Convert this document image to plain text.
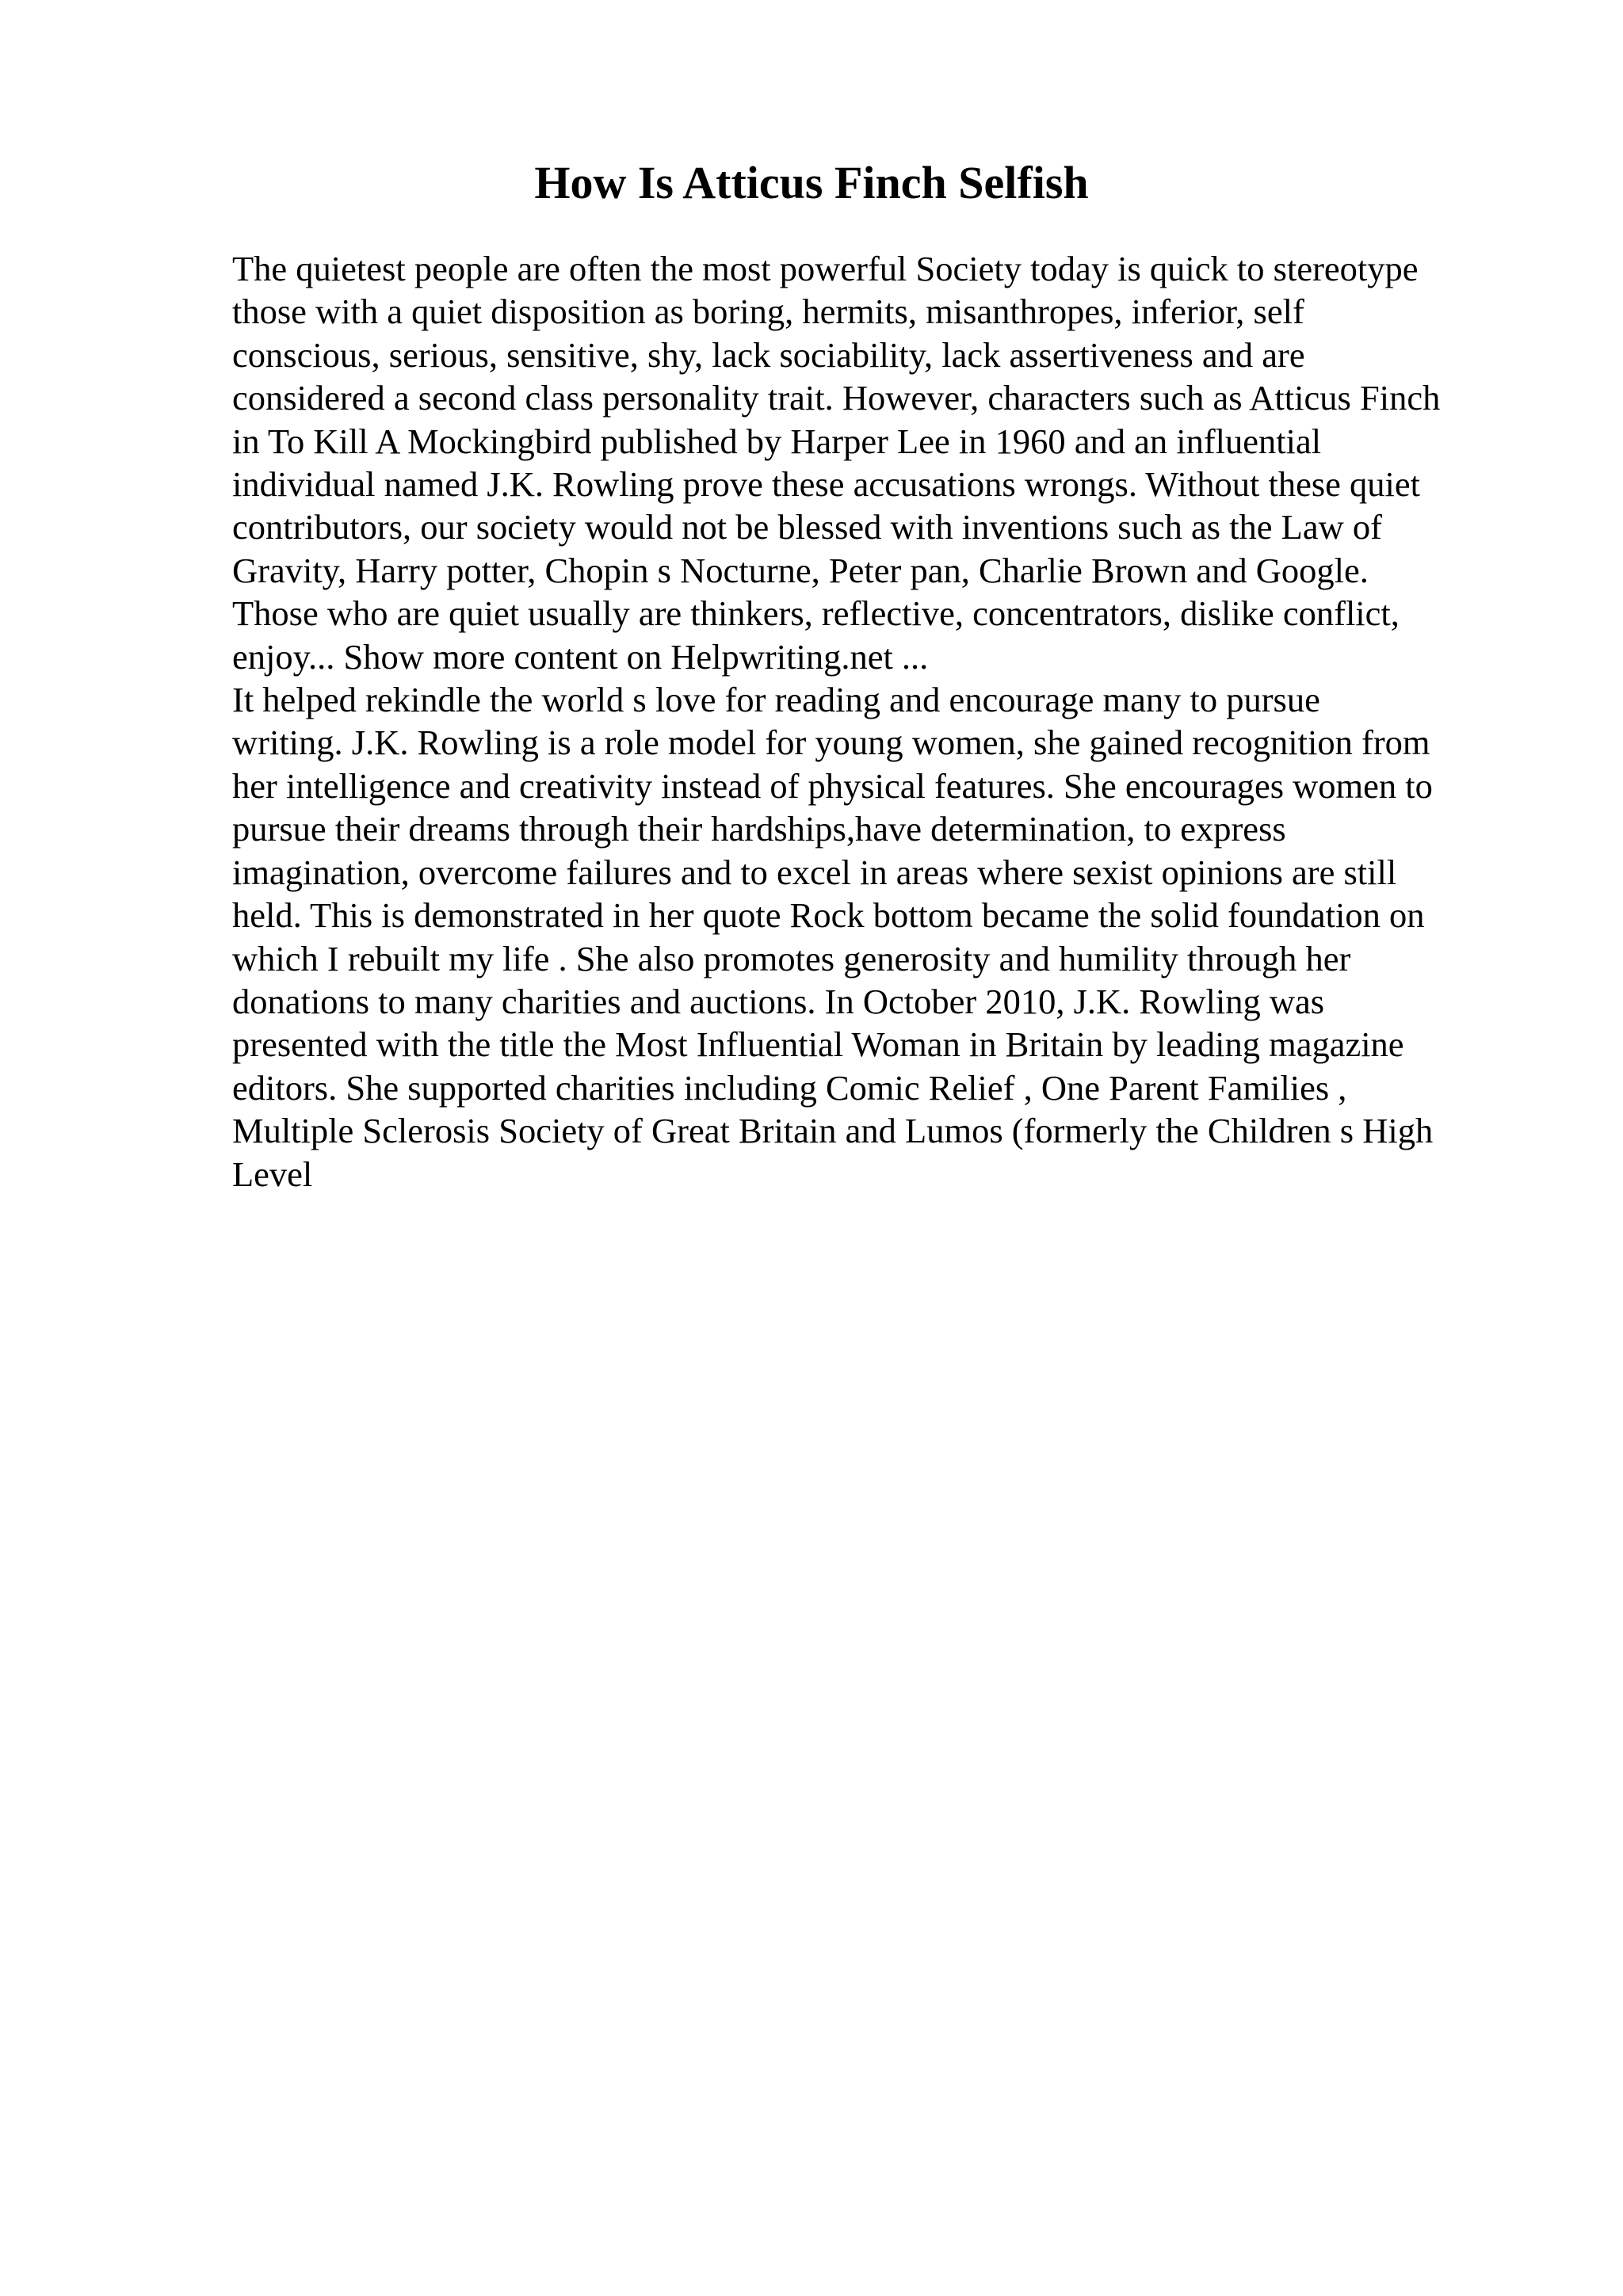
How Is Atticus Finch Selfish
The quietest people are often the most powerful Society today is quick to stereotype
those with a quiet disposition as boring, hermits, misanthropes, inferior, self
conscious, serious, sensitive, shy, lack sociability, lack assertiveness and are
considered a second class personality trait. However, characters such as Atticus Finch
in To Kill A Mockingbird published by Harper Lee in 1960 and an influential
individual named J.K. Rowling prove these accusations wrongs. Without these quiet
contributors, our society would not be blessed with inventions such as the Law of
Gravity, Harry potter, Chopin s Nocturne, Peter pan, Charlie Brown and Google.
Those who are quiet usually are thinkers, reflective, concentrators, dislike conflict,
enjoy... Show more content on Helpwriting.net ...
It helped rekindle the world s love for reading and encourage many to pursue
writing. J.K. Rowling is a role model for young women, she gained recognition from
her intelligence and creativity instead of physical features. She encourages women to
pursue their dreams through their hardships,have determination, to express
imagination, overcome failures and to excel in areas where sexist opinions are still
held. This is demonstrated in her quote Rock bottom became the solid foundation on
which I rebuilt my life . She also promotes generosity and humility through her
donations to many charities and auctions. In October 2010, J.K. Rowling was
presented with the title the Most Influential Woman in Britain by leading magazine
editors. She supported charities including Comic Relief , One Parent Families ,
Multiple Sclerosis Society of Great Britain and Lumos (formerly the Children s High
Level
